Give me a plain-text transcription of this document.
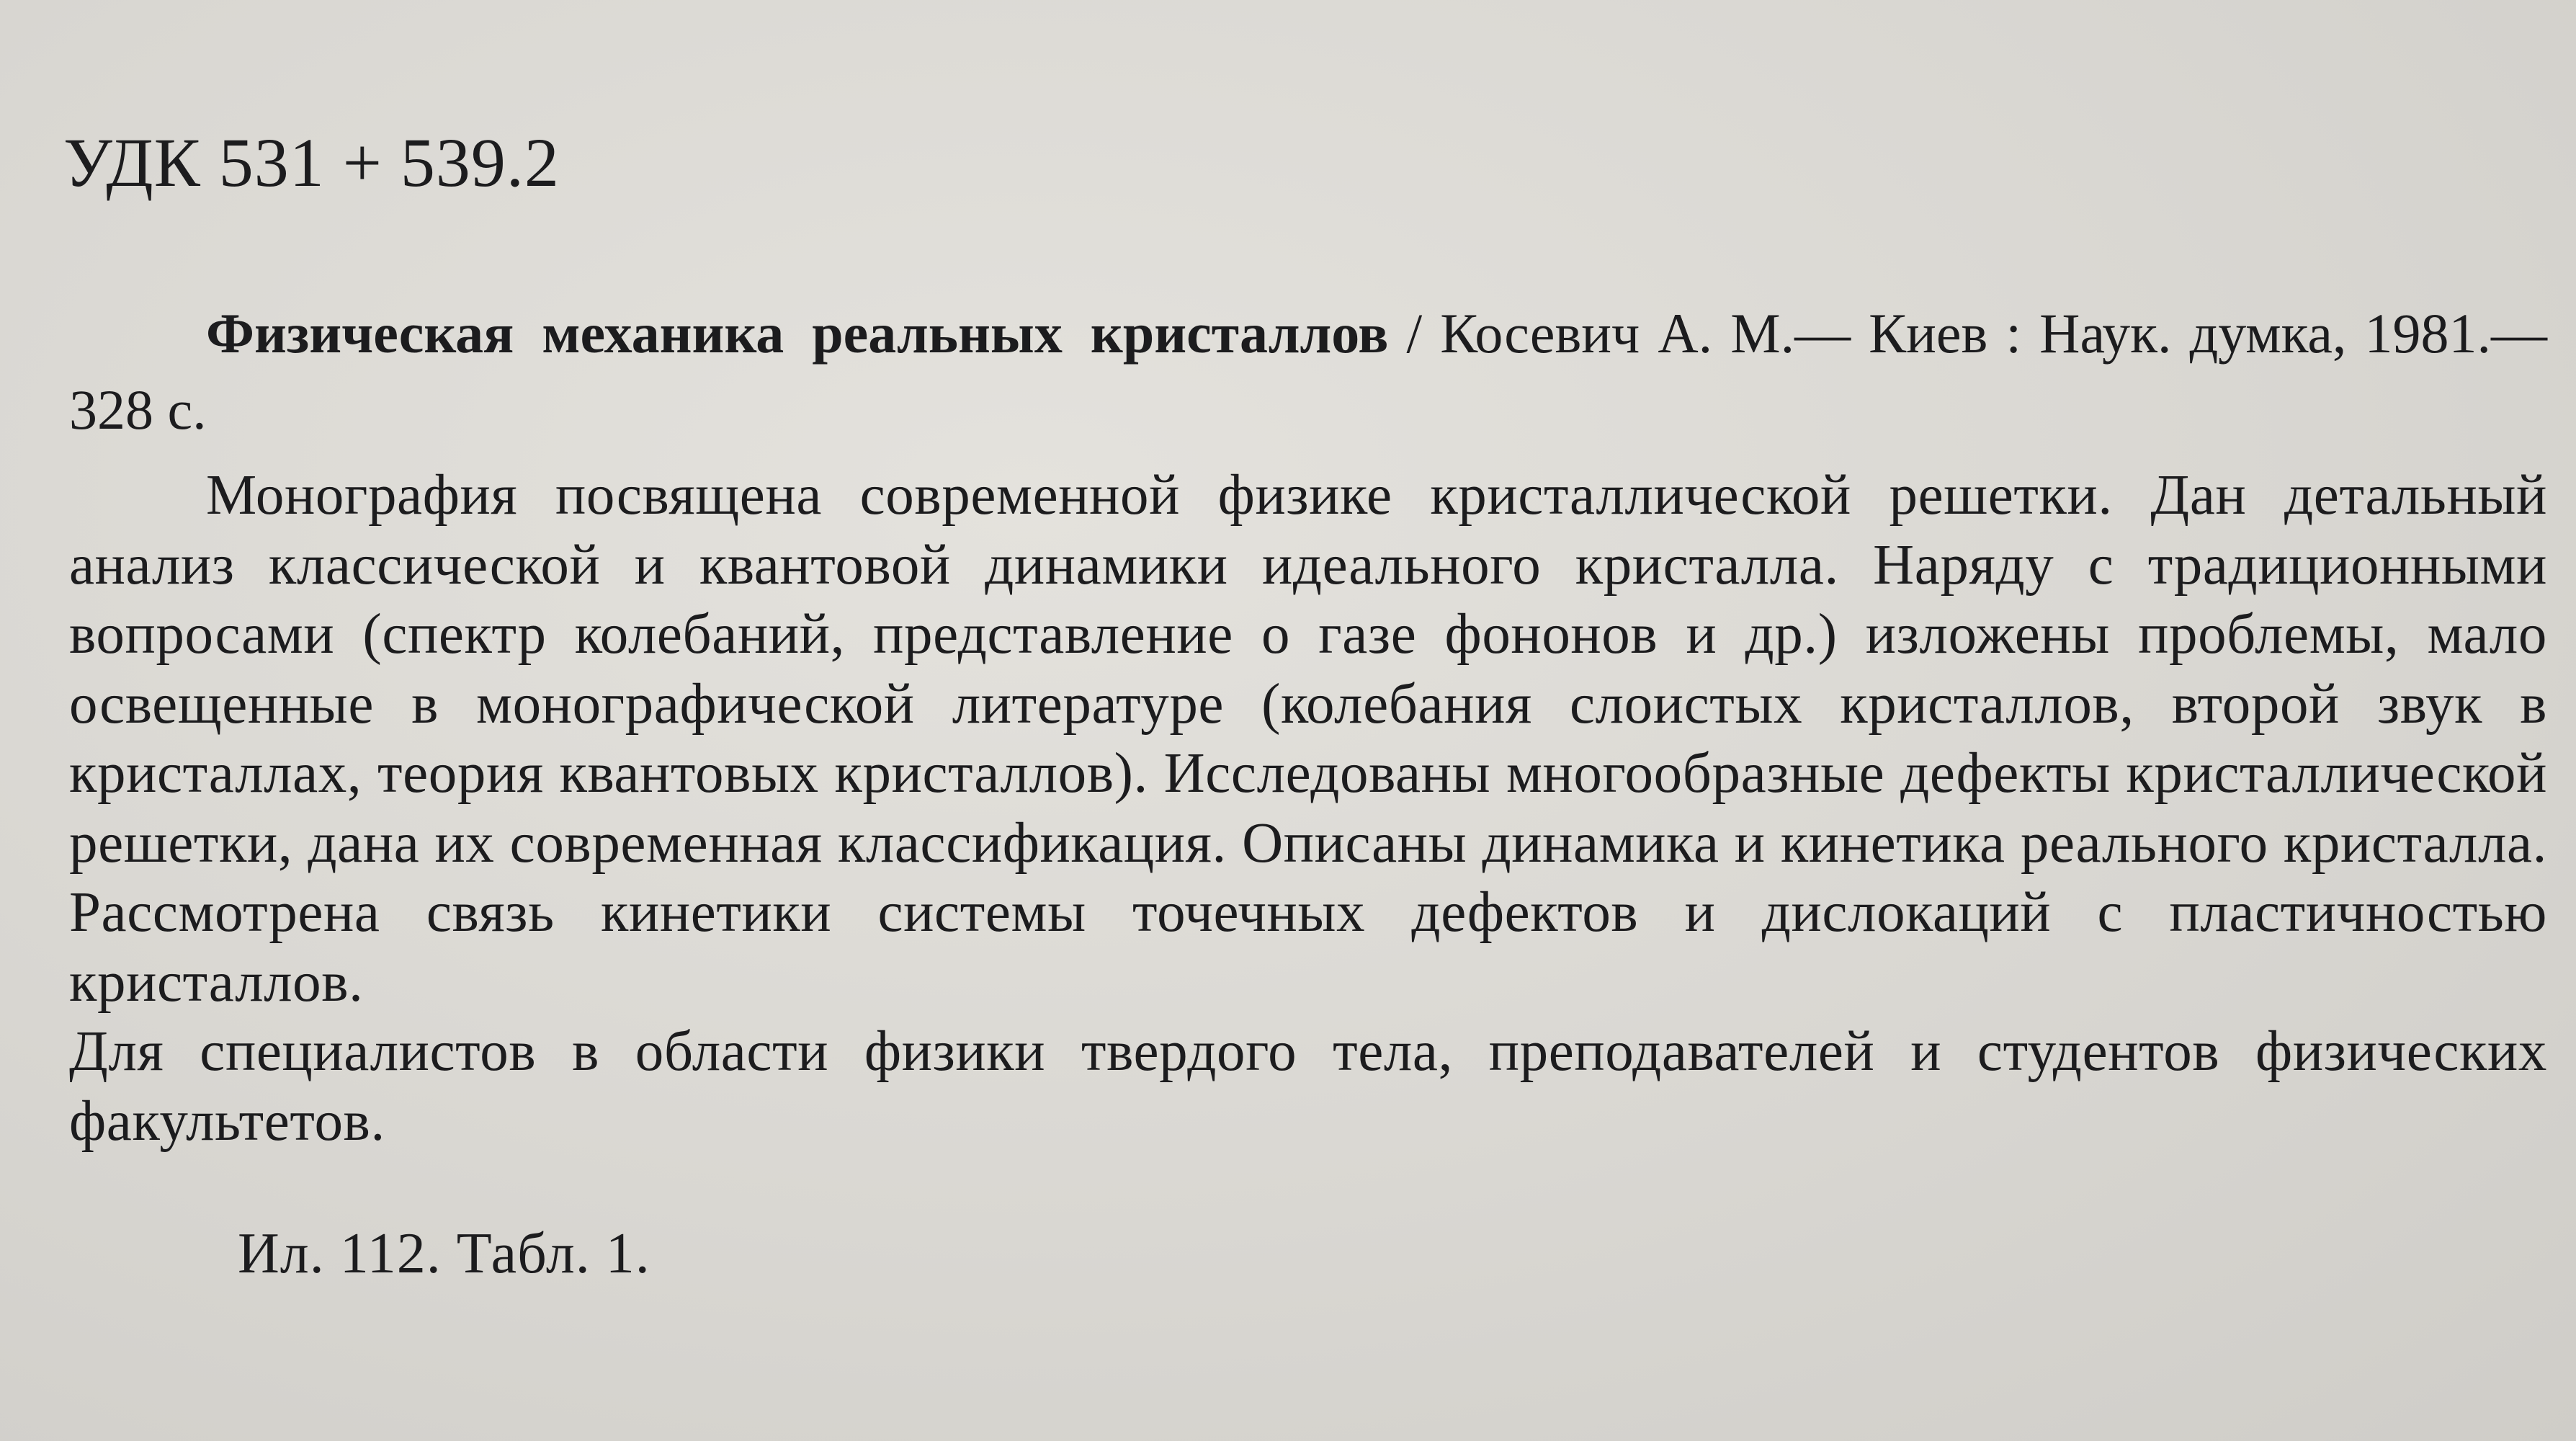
УДК 531 + 539.2
Физическая механика реальных кристаллов / Косевич А. М.— Киев : Наук. думка, 1981.— 328 с.

Монография посвящена современной физике кристаллической решетки. Дан детальный анализ классической и квантовой динамики идеального кристалла. Наряду с традиционными вопросами (спектр колебаний, представление о газе фононов и др.) изложены проблемы, мало освещенные в монографической литературе (колебания слоистых кристаллов, второй звук в кристаллах, теория квантовых кристаллов). Исследованы многообразные дефекты кристаллической решетки, дана их современная классификация. Описаны динамика и кинетика реального кристалла. Рассмотрена связь кинетики системы точечных дефектов и дислокаций с пластичностью кристаллов.

Для специалистов в области физики твердого тела, преподавателей и студентов физических факультетов.

Ил. 112. Табл. 1.
